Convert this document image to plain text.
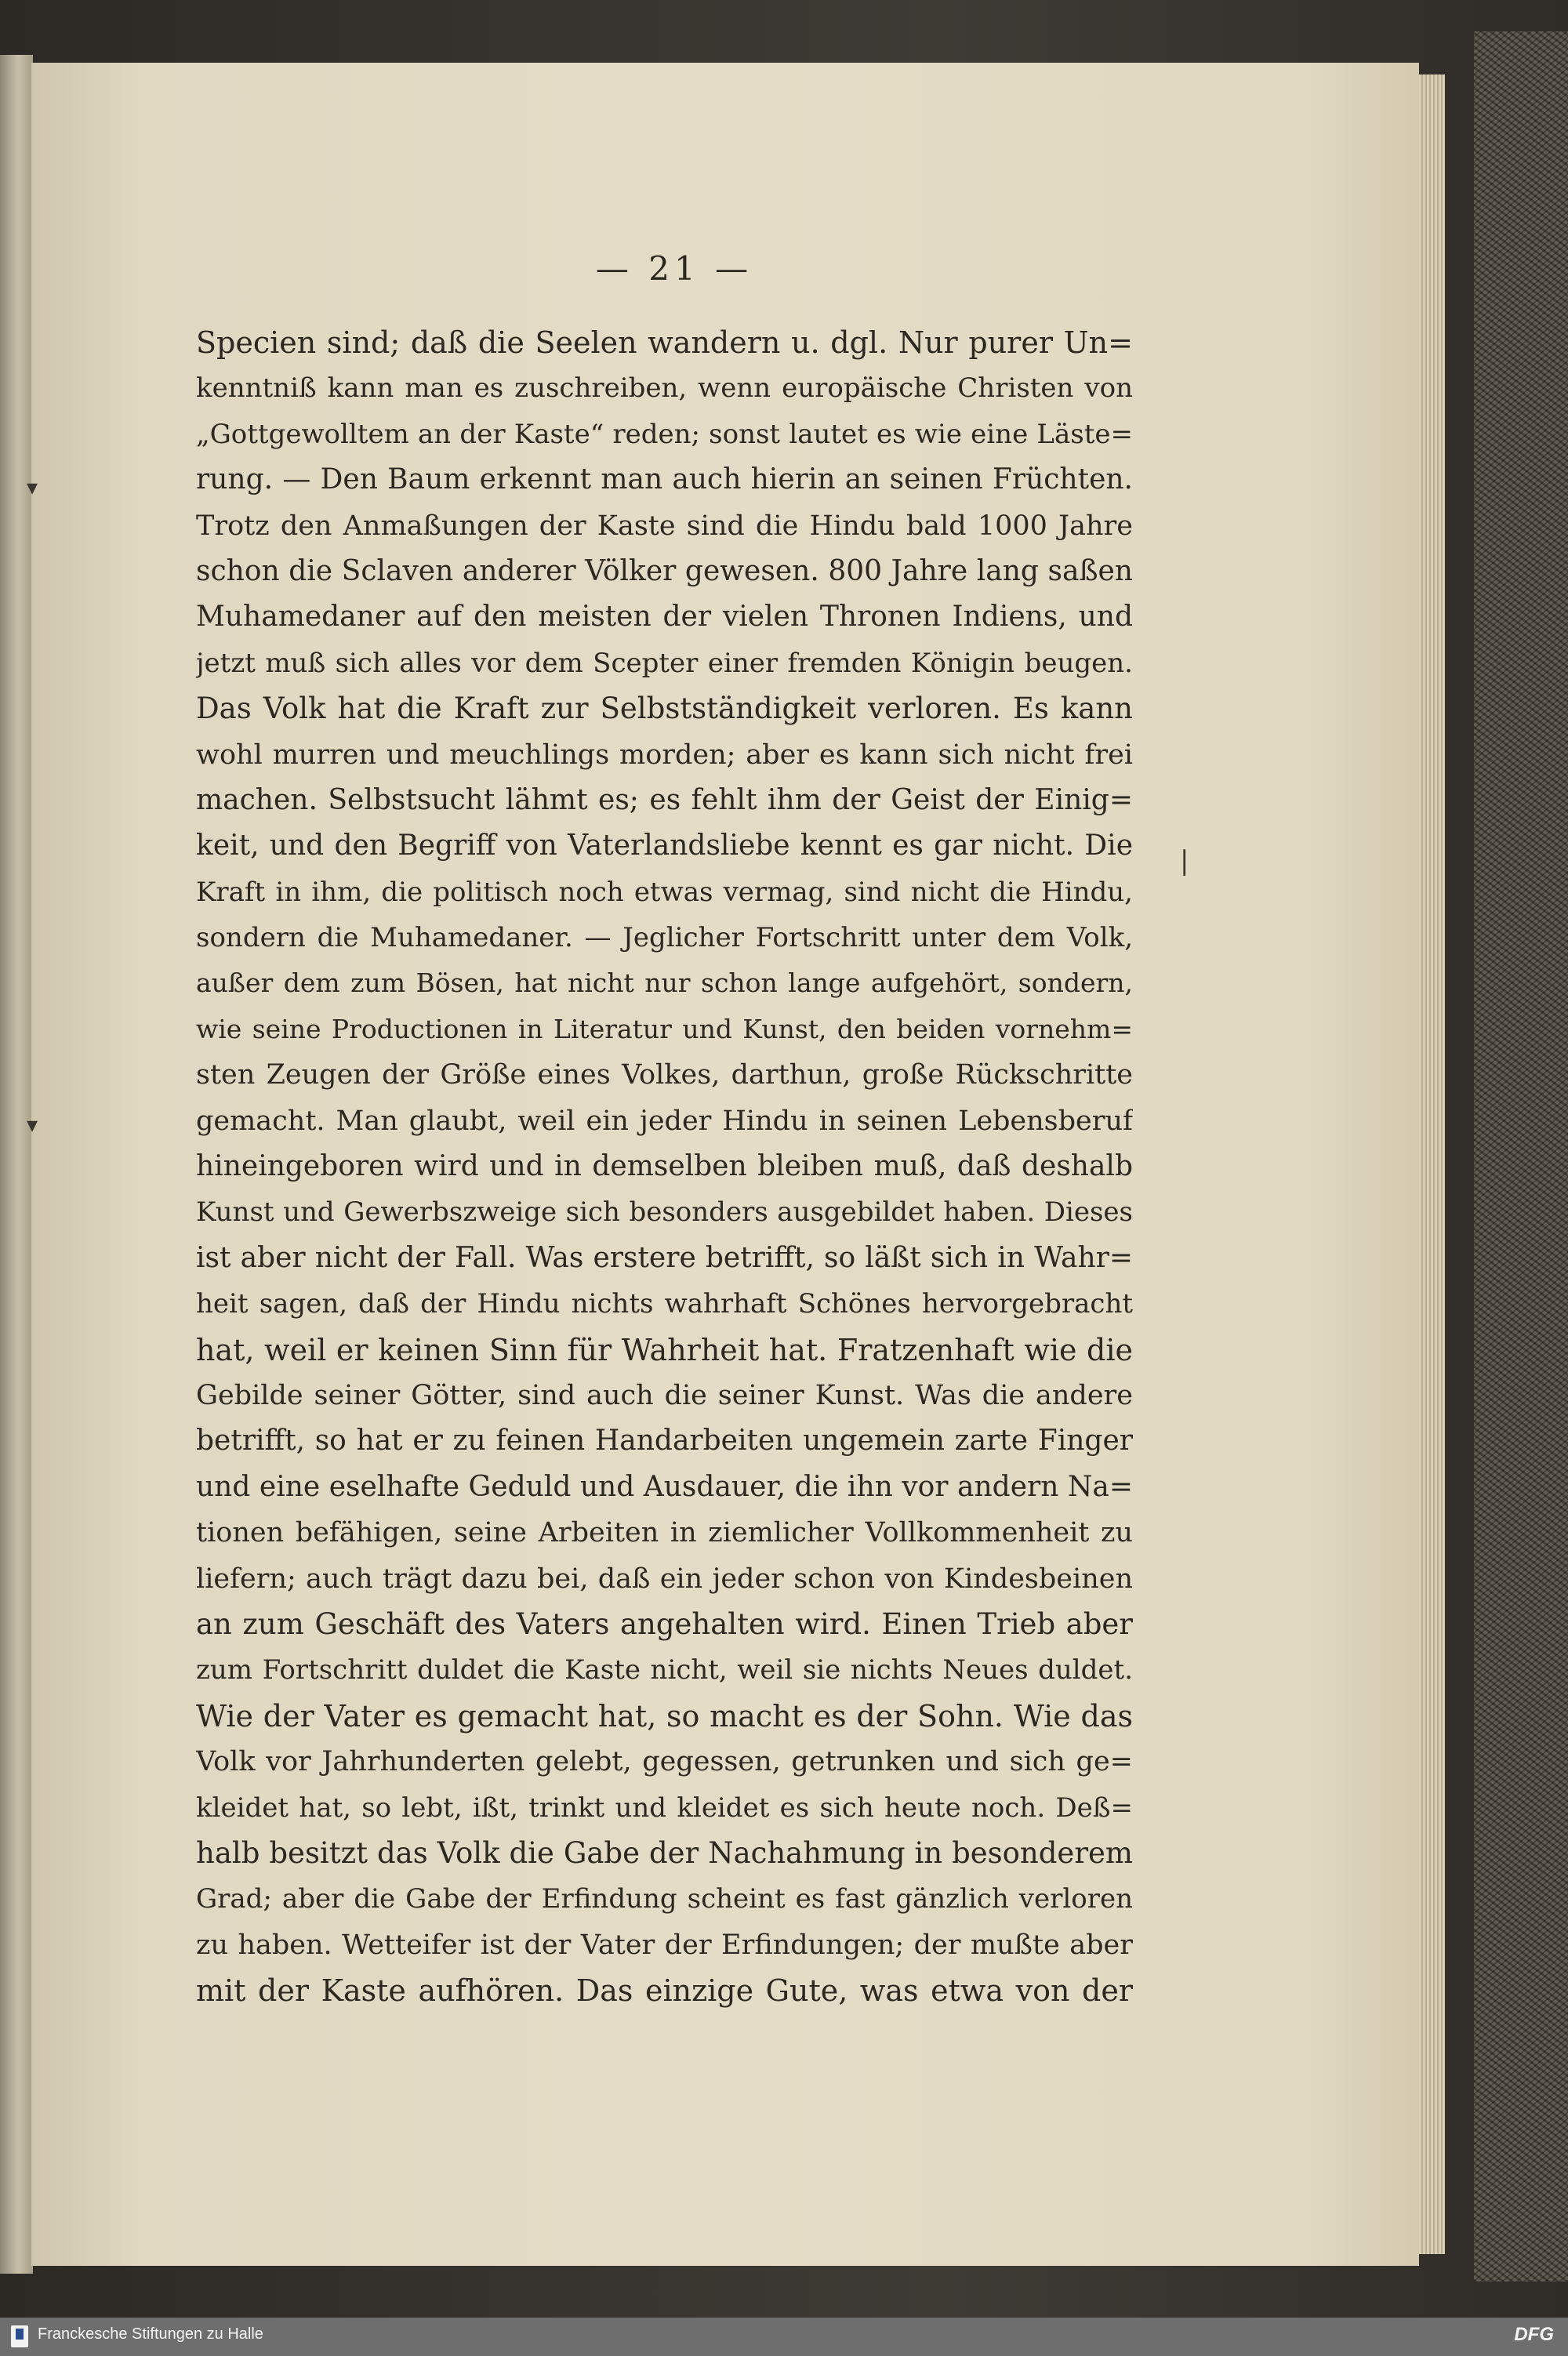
— 21 —
▾
▾
|
Specien sind; daß die Seelen wandern u. dgl. Nur purer Un=
kenntniß kann man es zuschreiben, wenn europäische Christen von
„Gottgewolltem an der Kaste“ reden; sonst lautet es wie eine Läste=
rung. — Den Baum erkennt man auch hierin an seinen Früchten.
Trotz den Anmaßungen der Kaste sind die Hindu bald 1000 Jahre
schon die Sclaven anderer Völker gewesen. 800 Jahre lang saßen
Muhamedaner auf den meisten der vielen Thronen Indiens, und
jetzt muß sich alles vor dem Scepter einer fremden Königin beugen.
Das Volk hat die Kraft zur Selbstständigkeit verloren. Es kann
wohl murren und meuchlings morden; aber es kann sich nicht frei
machen. Selbstsucht lähmt es; es fehlt ihm der Geist der Einig=
keit, und den Begriff von Vaterlandsliebe kennt es gar nicht. Die
Kraft in ihm, die politisch noch etwas vermag, sind nicht die Hindu,
sondern die Muhamedaner. — Jeglicher Fortschritt unter dem Volk,
außer dem zum Bösen, hat nicht nur schon lange aufgehört, sondern,
wie seine Productionen in Literatur und Kunst, den beiden vornehm=
sten Zeugen der Größe eines Volkes, darthun, große Rückschritte
gemacht. Man glaubt, weil ein jeder Hindu in seinen Lebensberuf
hineingeboren wird und in demselben bleiben muß, daß deshalb
Kunst und Gewerbszweige sich besonders ausgebildet haben. Dieses
ist aber nicht der Fall. Was erstere betrifft, so läßt sich in Wahr=
heit sagen, daß der Hindu nichts wahrhaft Schönes hervorgebracht
hat, weil er keinen Sinn für Wahrheit hat. Fratzenhaft wie die
Gebilde seiner Götter, sind auch die seiner Kunst. Was die andere
betrifft, so hat er zu feinen Handarbeiten ungemein zarte Finger
und eine eselhafte Geduld und Ausdauer, die ihn vor andern Na=
tionen befähigen, seine Arbeiten in ziemlicher Vollkommenheit zu
liefern; auch trägt dazu bei, daß ein jeder schon von Kindesbeinen
an zum Geschäft des Vaters angehalten wird. Einen Trieb aber
zum Fortschritt duldet die Kaste nicht, weil sie nichts Neues duldet.
Wie der Vater es gemacht hat, so macht es der Sohn. Wie das
Volk vor Jahrhunderten gelebt, gegessen, getrunken und sich ge=
kleidet hat, so lebt, ißt, trinkt und kleidet es sich heute noch. Deß=
halb besitzt das Volk die Gabe der Nachahmung in besonderem
Grad; aber die Gabe der Erfindung scheint es fast gänzlich verloren
zu haben. Wetteifer ist der Vater der Erfindungen; der mußte aber
mit der Kaste aufhören. Das einzige Gute, was etwa von der
Franckesche Stiftungen zu Halle	DFG
